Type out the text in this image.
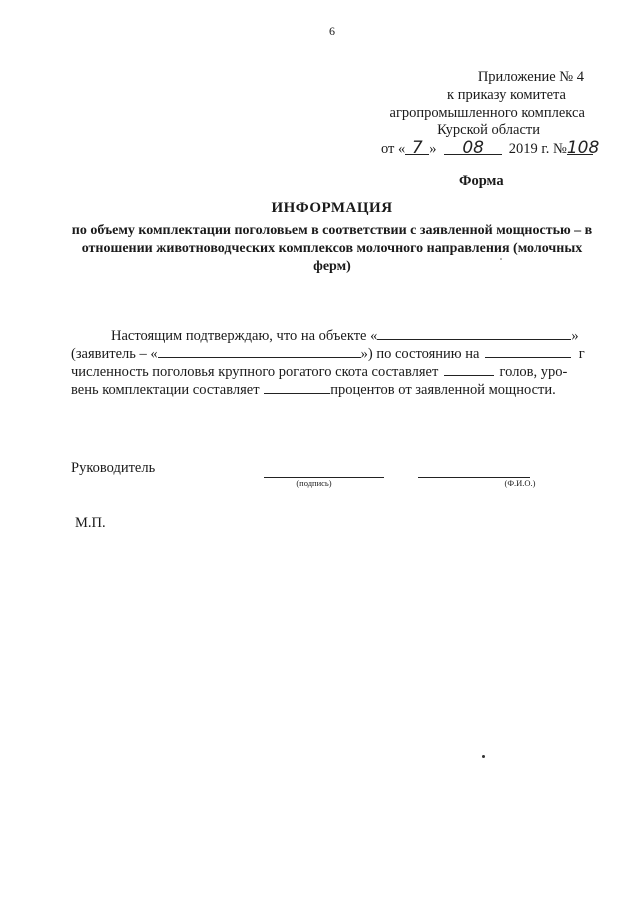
6
Приложение № 4
к приказу комитета
агропромышленного комплекса
Курской области
от « 7 » 08 2019 г. №108
Форма
ИНФОРМАЦИЯ
по объему комплектации поголовьем в соответствии с заявленной мощностью – в отношении животноводческих комплексов молочного направления (молочных ферм)
Настоящим подтверждаю, что на объекте «	»
(заявитель – «	») по состоянию на	г
численность поголовья крупного рогатого скота составляет	голов, уро-
вень комплектации составляет	процентов от заявленной мощности.
Руководитель
(подпись)	(Ф.И.О.)
М.П.
